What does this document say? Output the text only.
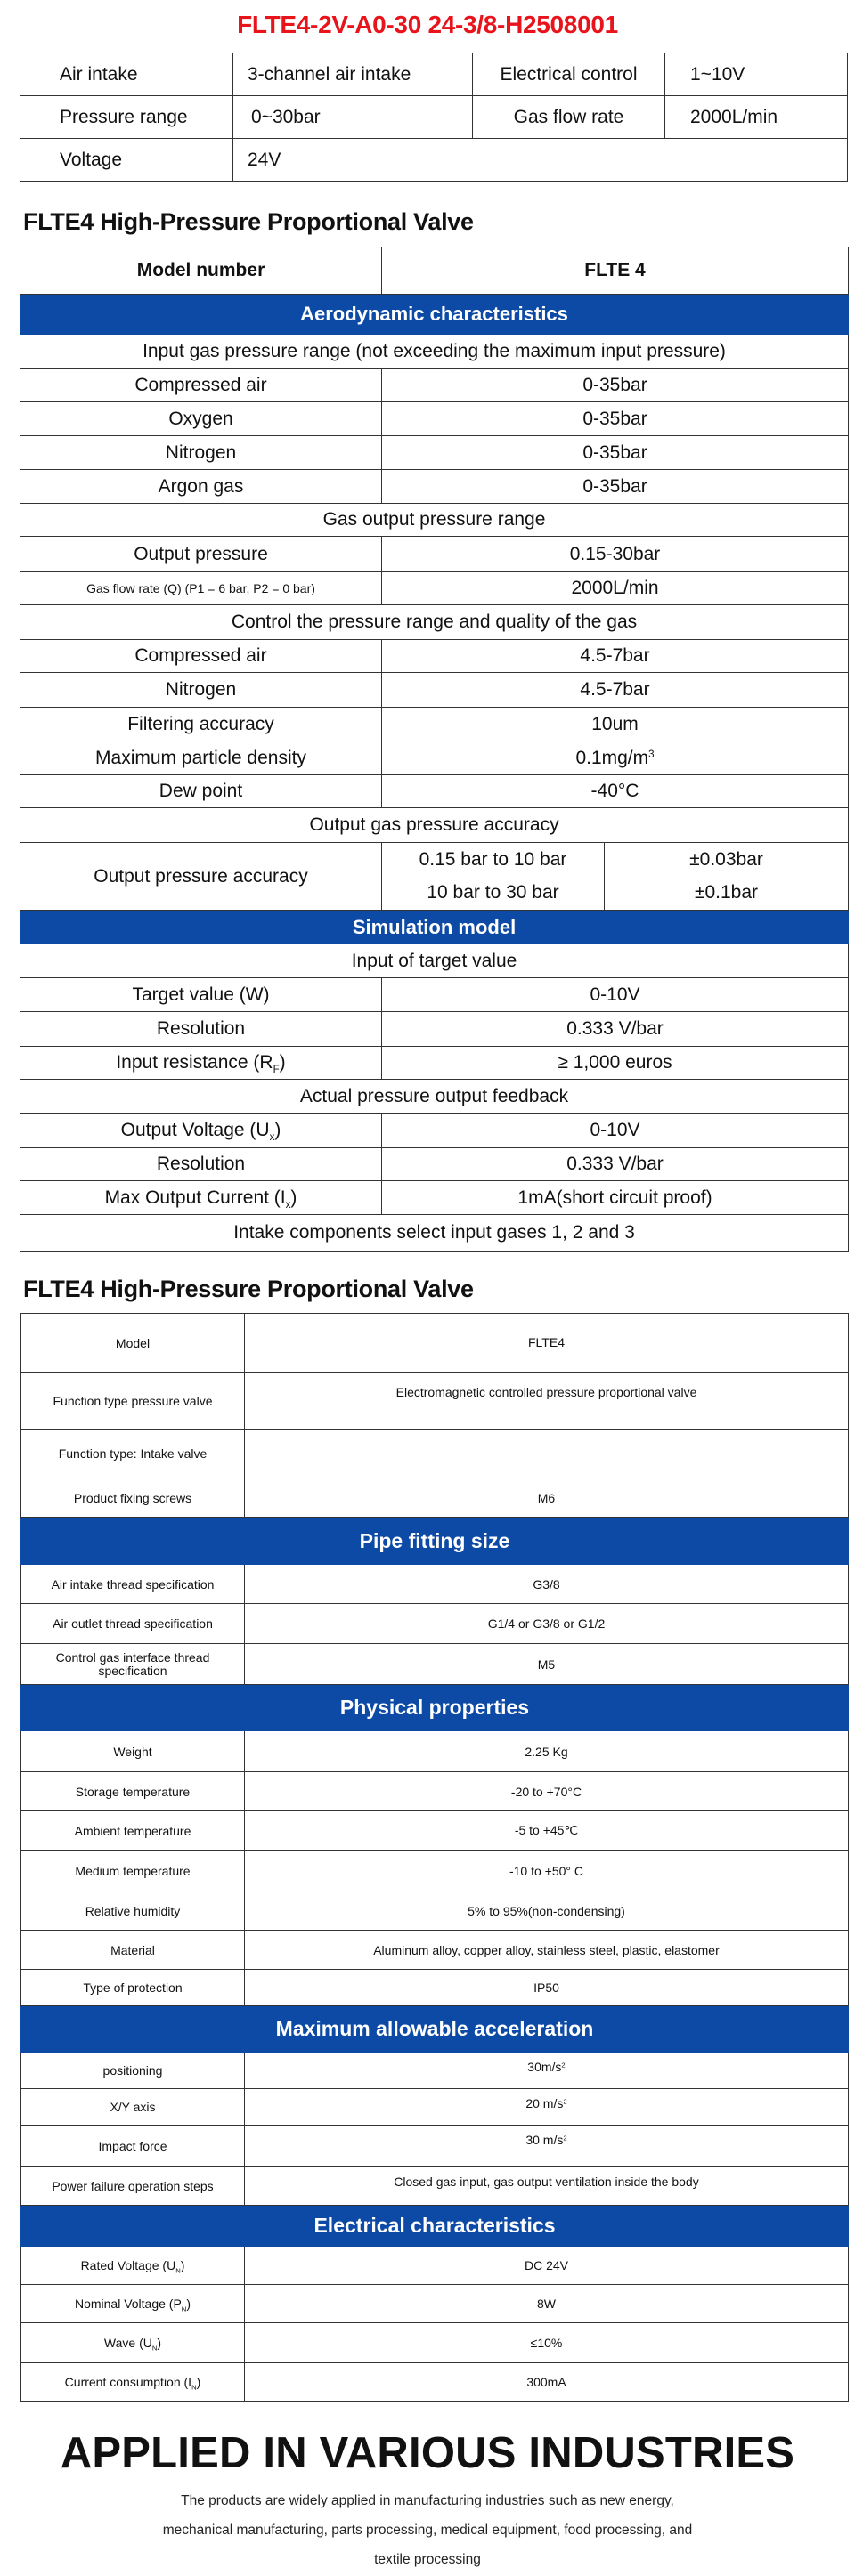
FLTE4-2V-A0-30 24-3/8-H2508001
Air intake	3-channel air intake	Electrical control	1~10V
Pressure range	0~30bar	Gas flow rate	2000L/min
Voltage	24V		
FLTE4 High-Pressure Proportional Valve
Model number	FLTE 4	
Aerodynamic characteristics		
Input gas pressure range (not exceeding the maximum input pressure)		
Compressed air	0-35bar	
Oxygen	0-35bar	
Nitrogen	0-35bar	
Argon gas	0-35bar	
Gas output pressure range		
Output pressure	0.15-30bar	
Gas flow rate (Q) (P1 = 6 bar, P2 = 0 bar)	2000L/min	
Control the pressure range and quality of the gas		
Compressed air	4.5-7bar	
Nitrogen	4.5-7bar	
Filtering accuracy	10um	
Maximum particle density	$0.1mg/m^3$
Dew point	-40°C	
Output gas pressure accuracy		
Output pressure accuracy	0.15 bar to 10 bar	±0.03bar
	10 bar to 30 bar	±0.1bar
Simulation model		
Input of target value		
Target value (W)	0-10V	
Resolution	0.333 V/bar	
Input resistance $(R_F)$	≥ 1,000 euros	
Actual pressure output feedback		
Output Voltage $(U_x)$	0-10V	
Resolution	0.333 V/bar	
Max Output Current $(I_x)$	1mA(short circuit proof)	
Intake components select input gases 1, 2 and 3		
FLTE4 High-Pressure Proportional Valve
Model	FLTE4
Function type pressure valve	Electromagnetic controlled pressure proportional valve
Function type: Intake valve	
Product fixing screws	M6
Pipe fitting size	
Air intake thread specification	G3/8
Air outlet thread specification	G1/4 or G3/8 or G1/2
Control gas interface thread specification	M5
Physical properties	
Weight	2.25 Kg
Storage temperature	-20 to +70°C
Ambient temperature	-5 to +45℃
Medium temperature	-10 to +50° C
Relative humidity	5% to 95%(non-condensing)
Material	Aluminum alloy, copper alloy, stainless steel, plastic, elastomer
Type of protection	IP50
Maximum allowable acceleration	
positioning	$30m/s^2$
X/Y axis	20 $m/s^2$
Impact force	30 $m/s^2$
Power failure operation steps	Closed gas input, gas output ventilation inside the body
Electrical characteristics	
Rated Voltage $(U_N)$	DC 24V
Nominal Voltage $(P_N)$	8W
Wave $(U_N)$	≤10%
Current consumption $(I_N)$	300mA
APPLIED IN VARIOUS INDUSTRIES
The products are widely applied in manufacturing industries such as new energy,
mechanical manufacturing, parts processing, medical equipment, food processing, and
textile processing
